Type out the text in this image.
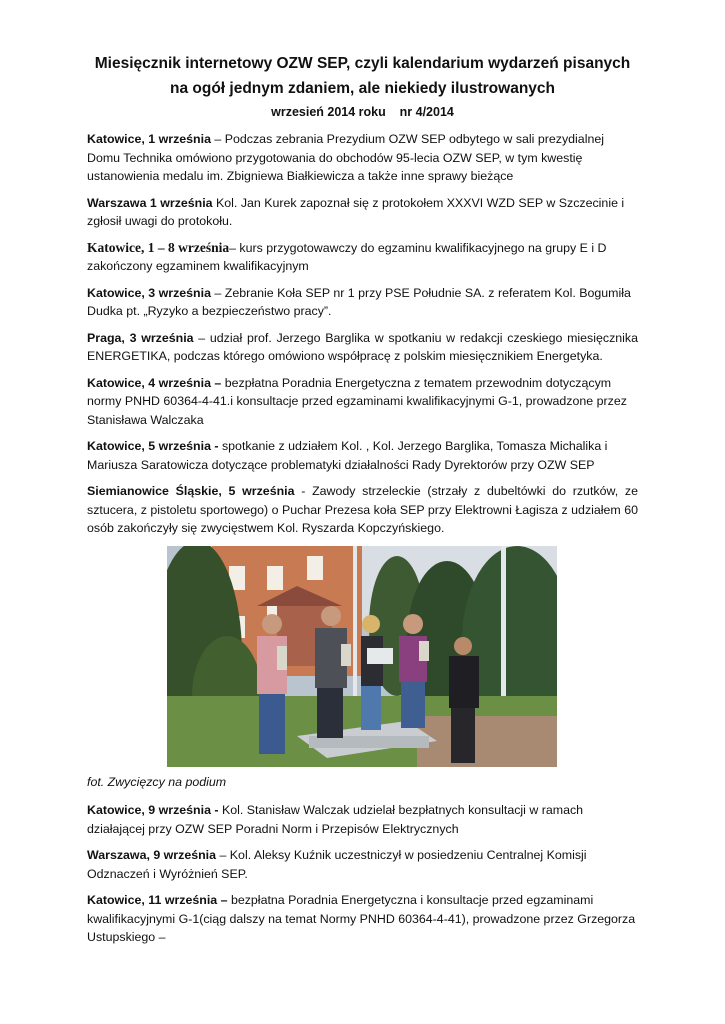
Miesięcznik internetowy OZW SEP, czyli kalendarium wydarzeń pisanych
na ogół jednym zdaniem, ale niekiedy ilustrowanych
wrzesień 2014 roku    nr 4/2014
Katowice, 1 września – Podczas zebrania Prezydium OZW SEP odbytego w sali prezydialnej Domu Technika omówiono przygotowania do obchodów 95-lecia OZW SEP, w tym kwestię ustanowienia medalu im. Zbigniewa Białkiewicza a także inne sprawy bieżące
Warszawa 1 września Kol. Jan Kurek zapoznał się z protokołem XXXVI WZD SEP w Szczecinie i zgłosił uwagi do protokołu.
Katowice, 1 – 8 września– kurs przygotowawczy do egzaminu kwalifikacyjnego na grupy E i D zakończony egzaminem kwalifikacyjnym
Katowice, 3 września – Zebranie Koła SEP nr 1 przy PSE Południe SA. z referatem Kol. Bogumiła Dudka pt. „Ryzyko a bezpieczeństwo pracy”.
Praga, 3 września – udział prof. Jerzego Barglika w spotkaniu w redakcji czeskiego miesięcznika ENERGETIKA, podczas którego omówiono współpracę z polskim miesięcznikiem Energetyka.
Katowice, 4 września – bezpłatna Poradnia Energetyczna z tematem przewodnim dotyczącym normy PNHD 60364-4-41.i konsultacje przed egzaminami kwalifikacyjnymi G-1, prowadzone przez Stanisława Walczaka
Katowice, 5 września - spotkanie z udziałem Kol. , Kol. Jerzego Barglika, Tomasza Michalika i Mariusza Saratowicza dotyczące problematyki działalności Rady Dyrektorów przy OZW SEP
Siemianowice Śląskie, 5 września - Zawody strzeleckie (strzały z dubeltówki do rzutków, ze sztucera, z pistoletu sportowego) o Puchar Prezesa koła SEP przy Elektrowni Łagisza z udziałem 60 osób zakończyły się zwycięstwem Kol. Ryszarda Kopczyńskiego.
fot. Zwycięzcy na podium
Katowice, 9 września - Kol. Stanisław Walczak udzielał bezpłatnych konsultacji w ramach działającej przy OZW SEP Poradni Norm i Przepisów Elektrycznych
Warszawa, 9 września – Kol. Aleksy Kuźnik uczestniczył w posiedzeniu Centralnej Komisji Odznaczeń i Wyróżnień SEP.
Katowice, 11 września – bezpłatna Poradnia Energetyczna i konsultacje przed egzaminami kwalifikacyjnymi G-1(ciąg dalszy na temat Normy PNHD 60364-4-41), prowadzone przez Grzegorza Ustupskiego –
